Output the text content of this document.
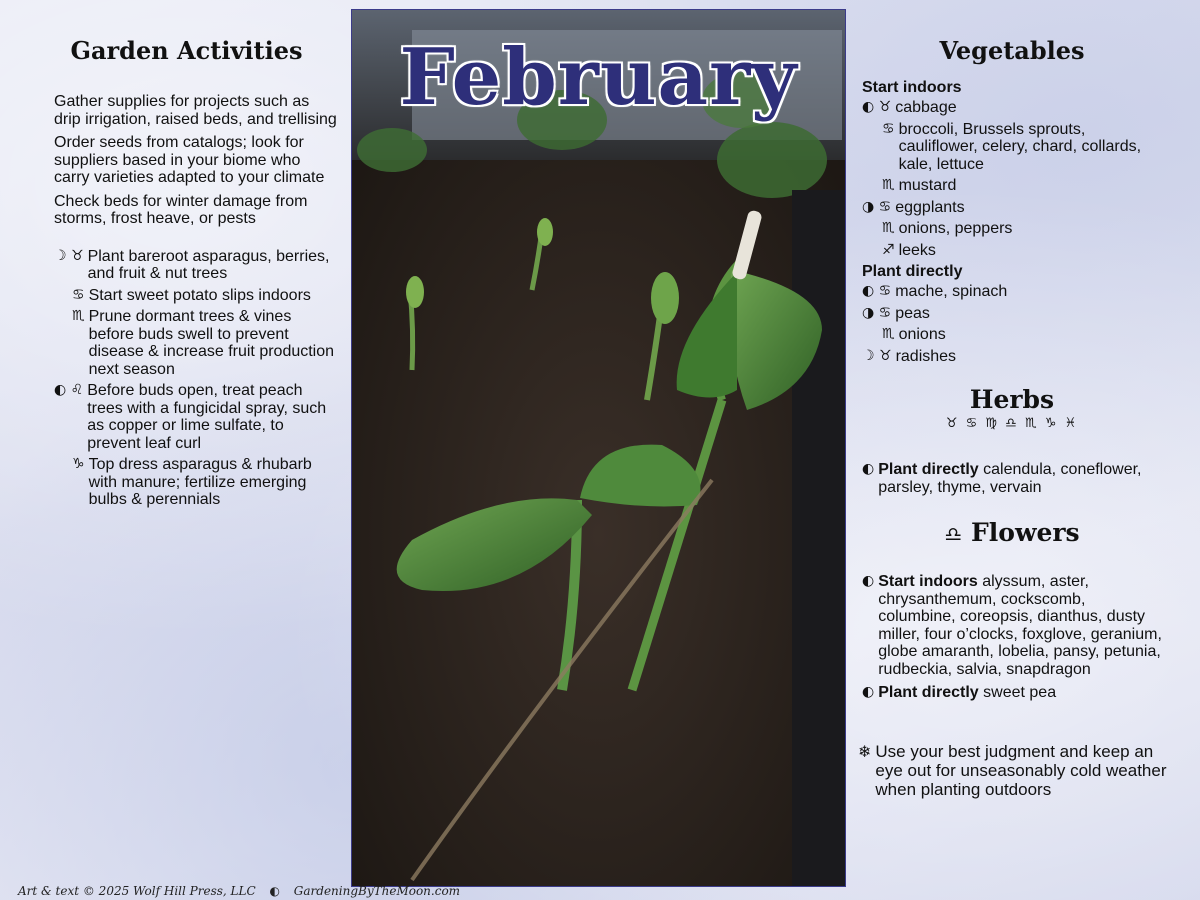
Garden Activities

Gather supplies for projects such as drip irrigation, raised beds, and trellising

Order seeds from catalogs; look for suppliers based in your biome who carry varieties adapted to your climate

Check beds for winter damage from storms, frost heave, or pests

☽ ♉ Plant bareroot asparagus, berries, and fruit & nut trees
♋ Start sweet potato slips indoors
♏ Prune dormant trees & vines before buds swell to prevent disease & increase fruit production next season
◐ ♌ Before buds open, treat peach trees with a fungicidal spray, such as copper or lime sulfate, to prevent leaf curl
♑ Top dress asparagus & rhubarb with manure; fertilize emerging bulbs & perennials
February	Vegetables
Start indoors
◐ ♉ cabbage
♋ broccoli, Brussels sprouts, cauliflower, celery, chard, collards, kale, lettuce
♏ mustard
◑ ♋ eggplants
♏ onions, peppers
♐ leeks
Plant directly
◐ ♋ mache, spinach
◑ ♋ peas
♏ onions
☽ ♉ radishes
Herbs
♉ ♋ ♍ ♎ ♏ ♑ ♓
◐ Plant directly calendula, coneflower, parsley, thyme, vervain
♎ Flowers
◐ Start indoors alyssum, aster, chrysanthemum, cockscomb, columbine, coreopsis, dianthus, dusty miller, four o’clocks, foxglove, geranium, globe amaranth, lobelia, pansy, petunia, rudbeckia, salvia, snapdragon
◐ Plant directly sweet pea
❄ Use your best judgment and keep an eye out for unseasonably cold weather when planting outdoors
Art & text © 2025 Wolf Hill Press, LLC ◐ GardeningByTheMoon.com
